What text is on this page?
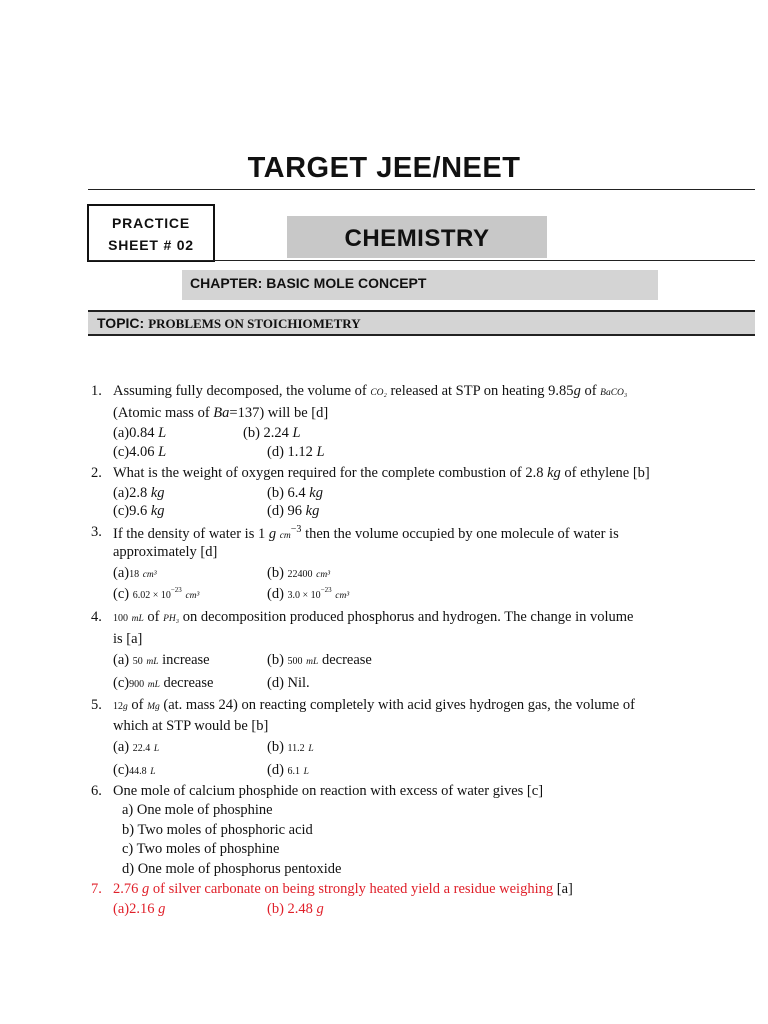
TARGET JEE/NEET
PRACTICE
SHEET # 02	CHEMISTRY
CHAPTER: BASIC MOLE CONCEPT
TOPIC: PROBLEMS ON STOICHIOMETRY
1. Assuming fully decomposed, the volume of CO₂ released at STP on heating 9.85g of BaCO₃
(Atomic mass of Ba=137) will be [d]
(a)0.84 L	(b) 2.24 L
(c)4.06 L	(d) 1.12 L
2. What is the weight of oxygen required for the complete combustion of 2.8 kg of ethylene [b]
(a)2.8 kg	(b) 6.4 kg
(c)9.6 kg	(d) 96 kg
3. If the density of water is 1 g $cm^{-3}$ then the volume occupied by one molecule of water is
approximately [d]
(a)18 cm³	(b) 22400 cm³
(c) $6.02 \times 10^{-23}$ cm³	(d) $3.0 \times 10^{-23}$ cm³
4. 100 mL of PH₃ on decomposition produced phosphorus and hydrogen. The change in volume
is [a]
(a) 50 mL increase	(b) 500 mL decrease
(c)900 mL decrease	(d) Nil.
5. 12g of Mg (at. mass 24) on reacting completely with acid gives hydrogen gas, the volume of
which at STP would be [b]
(a) 22.4 L	(b) 11.2 L
(c)44.8 L	(d) 6.1 L
6. One mole of calcium phosphide on reaction with excess of water gives [c]
a) One mole of phosphine
b) Two moles of phosphoric acid
c) Two moles of phosphine
d) One mole of phosphorus pentoxide
7. 2.76 g of silver carbonate on being strongly heated yield a residue weighing [a]
(a)2.16 g	(b) 2.48 g
